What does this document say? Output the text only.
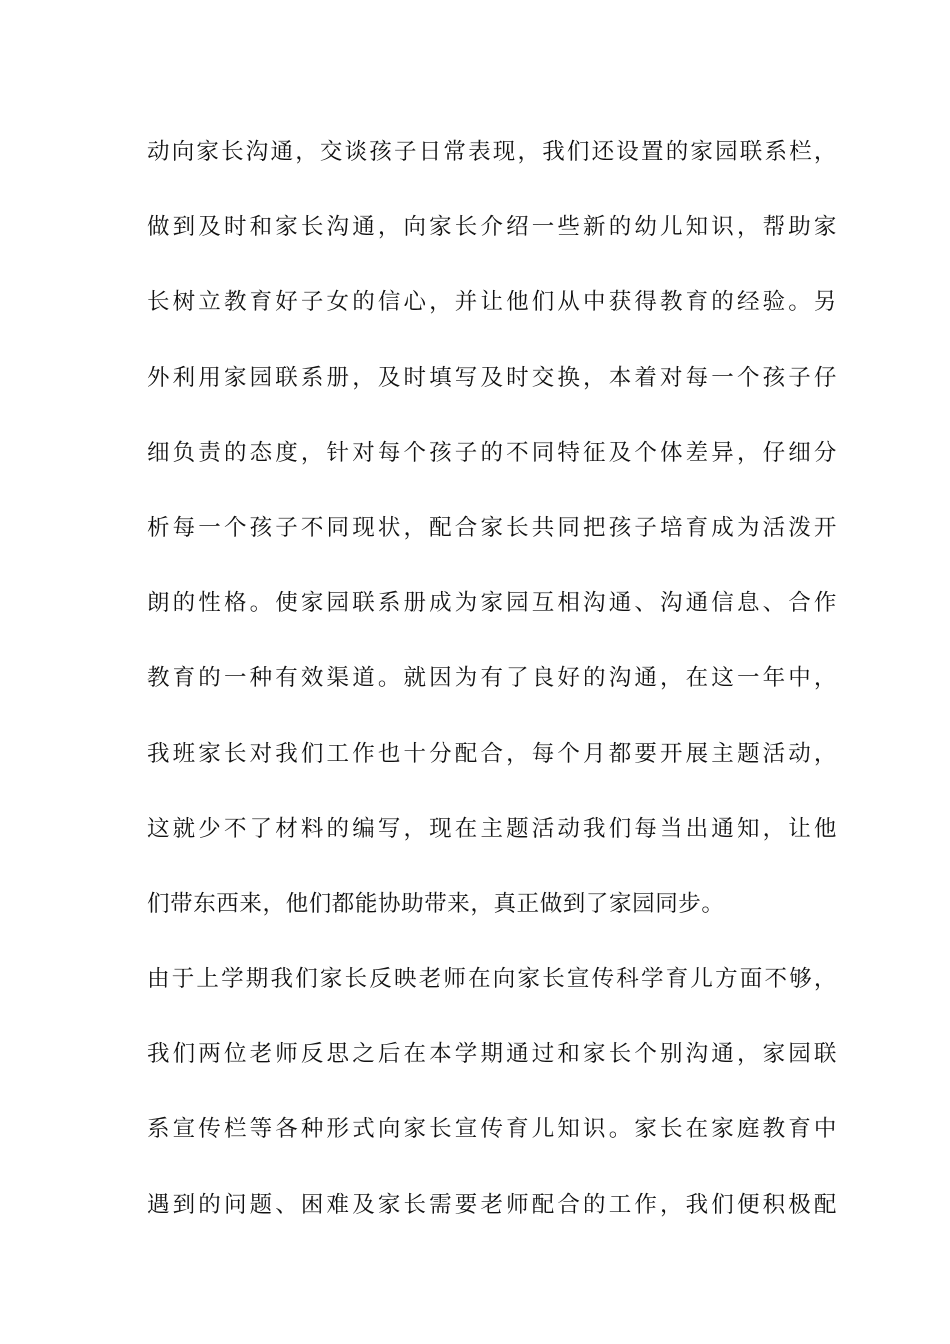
动向家长沟通，交谈孩子日常表现，我们还设置的家园联系栏，
做到及时和家长沟通，向家长介绍一些新的幼儿知识，帮助家
长树立教育好子女的信心，并让他们从中获得教育的经验。另
外利用家园联系册，及时填写及时交换，本着对每一个孩子仔
细负责的态度，针对每个孩子的不同特征及个体差异，仔细分
析每一个孩子不同现状，配合家长共同把孩子培育成为活泼开
朗的性格。使家园联系册成为家园互相沟通、沟通信息、合作
教育的一种有效渠道。就因为有了良好的沟通，在这一年中，
我班家长对我们工作也十分配合，每个月都要开展主题活动，
这就少不了材料的编写，现在主题活动我们每当出通知，让他
们带东西来，他们都能协助带来，真正做到了家园同步。
由于上学期我们家长反映老师在向家长宣传科学育儿方面不够，
我们两位老师反思之后在本学期通过和家长个别沟通，家园联
系宣传栏等各种形式向家长宣传育儿知识。家长在家庭教育中
遇到的问题、困难及家长需要老师配合的工作，我们便积极配
